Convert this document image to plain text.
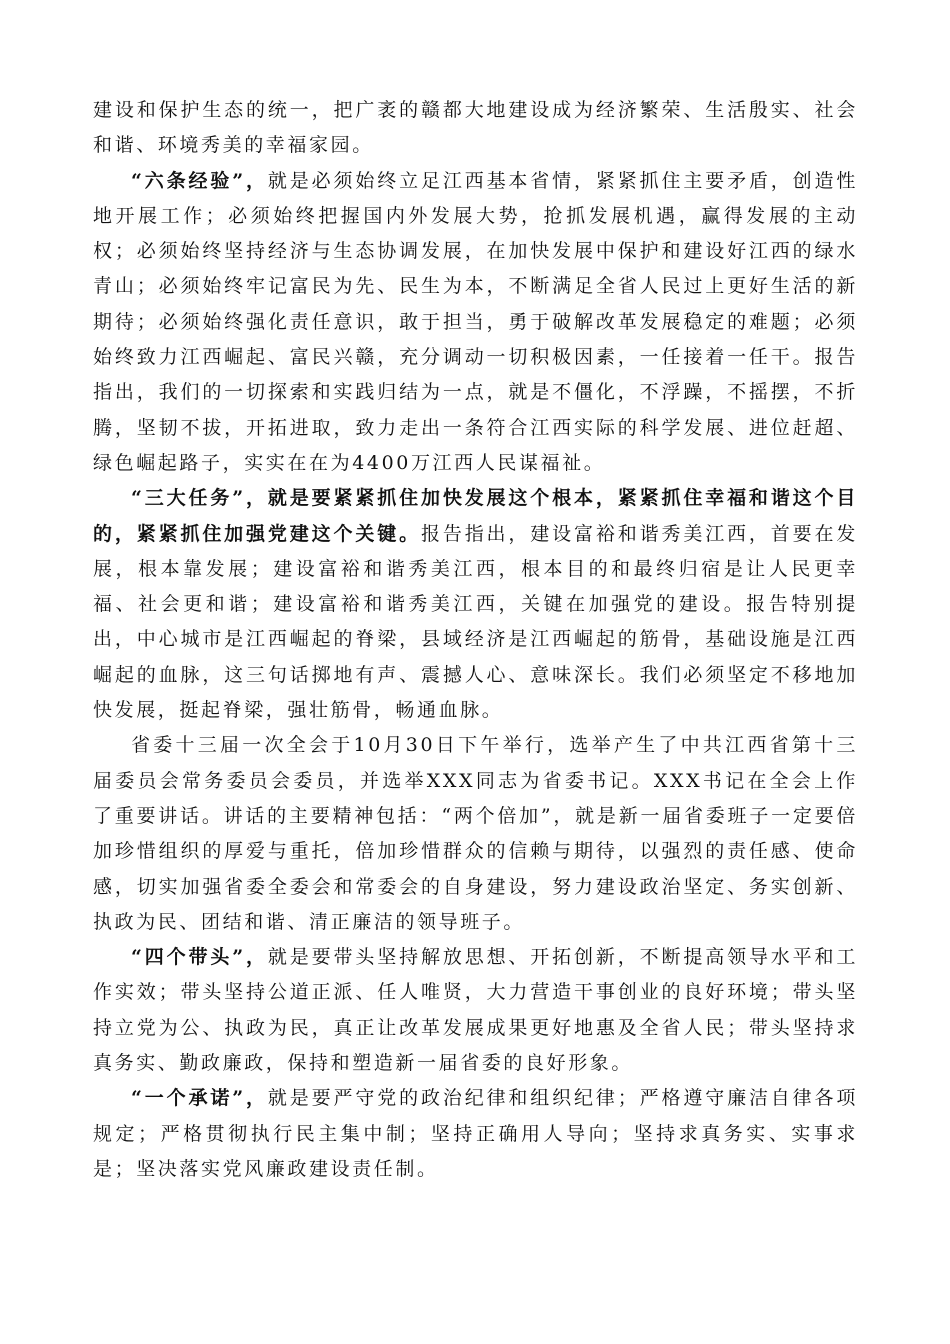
建设和保护生态的统一，把广袤的赣都大地建设成为经济繁荣、生活殷实、社会和谐、环境秀美的幸福家园。

“六条经验”，就是必须始终立足江西基本省情，紧紧抓住主要矛盾，创造性地开展工作；必须始终把握国内外发展大势，抢抓发展机遇，赢得发展的主动权；必须始终坚持经济与生态协调发展，在加快发展中保护和建设好江西的绿水青山；必须始终牢记富民为先、民生为本，不断满足全省人民过上更好生活的新期待；必须始终强化责任意识，敢于担当，勇于破解改革发展稳定的难题；必须始终致力江西崛起、富民兴赣，充分调动一切积极因素，一任接着一任干。报告指出，我们的一切探索和实践归结为一点，就是不僵化，不浮躁，不摇摆，不折腾，坚韧不拔，开拓进取，致力走出一条符合江西实际的科学发展、进位赶超、绿色崛起路子，实实在在为4400万江西人民谋福祉。

“三大任务”，就是要紧紧抓住加快发展这个根本，紧紧抓住幸福和谐这个目的，紧紧抓住加强党建这个关键。报告指出，建设富裕和谐秀美江西，首要在发展，根本靠发展；建设富裕和谐秀美江西，根本目的和最终归宿是让人民更幸福、社会更和谐；建设富裕和谐秀美江西，关键在加强党的建设。报告特别提出，中心城市是江西崛起的脊梁，县域经济是江西崛起的筋骨，基础设施是江西崛起的血脉，这三句话掷地有声、震撼人心、意味深长。我们必须坚定不移地加快发展，挺起脊梁，强壮筋骨，畅通血脉。

省委十三届一次全会于10月30日下午举行，选举产生了中共江西省第十三届委员会常务委员会委员，并选举XXX同志为省委书记。XXX书记在全会上作了重要讲话。讲话的主要精神包括：“两个倍加”，就是新一届省委班子一定要倍加珍惜组织的厚爱与重托，倍加珍惜群众的信赖与期待，以强烈的责任感、使命感，切实加强省委全委会和常委会的自身建设，努力建设政治坚定、务实创新、执政为民、团结和谐、清正廉洁的领导班子。

“四个带头”，就是要带头坚持解放思想、开拓创新，不断提高领导水平和工作实效；带头坚持公道正派、任人唯贤，大力营造干事创业的良好环境；带头坚持立党为公、执政为民，真正让改革发展成果更好地惠及全省人民；带头坚持求真务实、勤政廉政，保持和塑造新一届省委的良好形象。

“一个承诺”，就是要严守党的政治纪律和组织纪律；严格遵守廉洁自律各项规定；严格贯彻执行民主集中制；坚持正确用人导向；坚持求真务实、实事求是；坚决落实党风廉政建设责任制。
